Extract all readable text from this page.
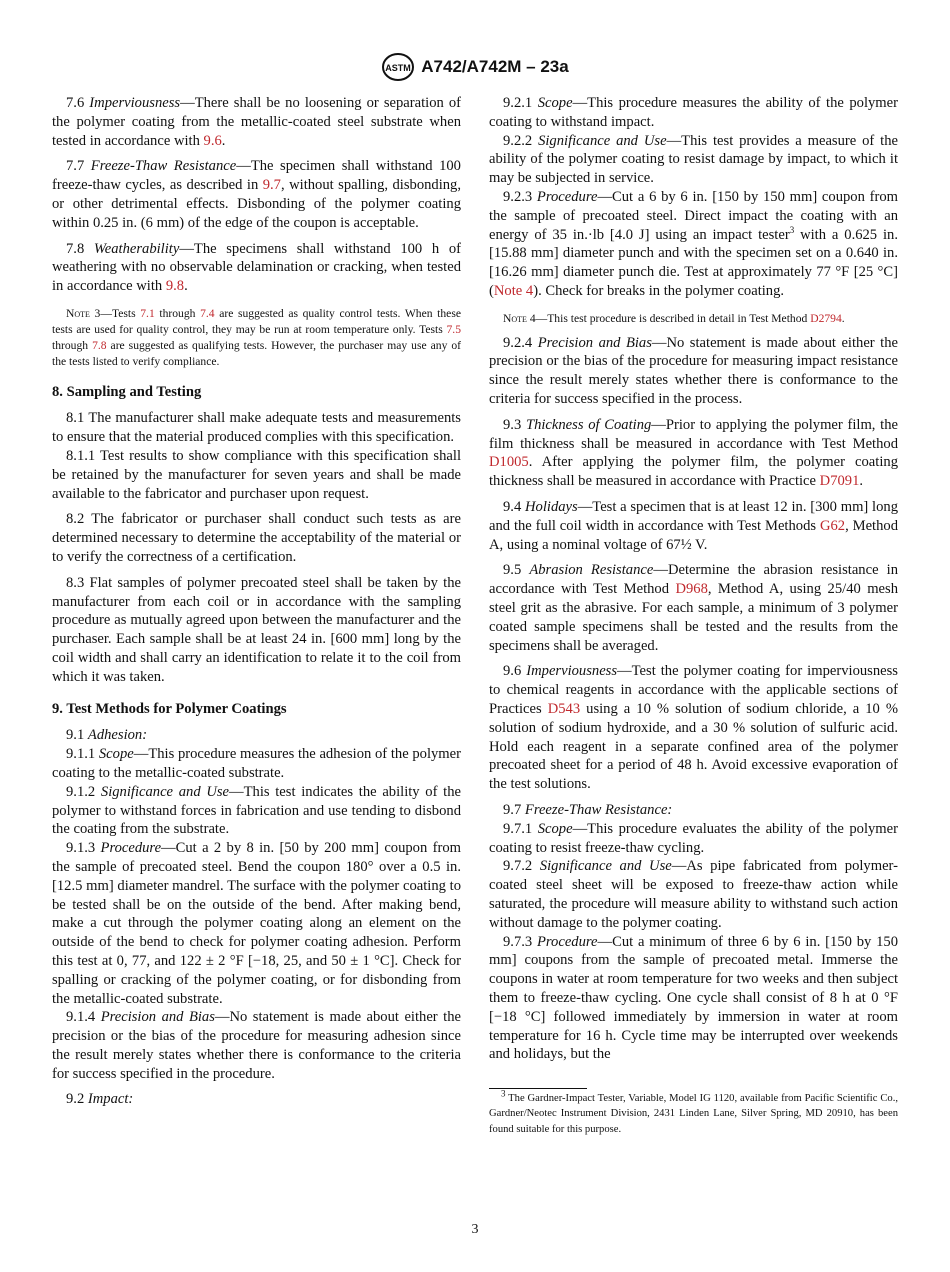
ASTM A742/A742M – 23a

7.6 Imperviousness—There shall be no loosening or separation of the polymer coating from the metallic-coated steel substrate when tested in accordance with 9.6.

7.7 Freeze-Thaw Resistance—The specimen shall withstand 100 freeze-thaw cycles, as described in 9.7, without spalling, disbonding, or other detrimental effects. Disbonding of the polymer coating within 0.25 in. (6 mm) of the edge of the coupon is acceptable.

7.8 Weatherability—The specimens shall withstand 100 h of weathering with no observable delamination or cracking, when tested in accordance with 9.8.

Note 3—Tests 7.1 through 7.4 are suggested as quality control tests. When these tests are used for quality control, they may be run at room temperature only. Tests 7.5 through 7.8 are suggested as qualifying tests. However, the purchaser may use any of the tests listed to verify compliance.

8. Sampling and Testing

8.1 The manufacturer shall make adequate tests and measurements to ensure that the material produced complies with this specification.

8.1.1 Test results to show compliance with this specification shall be retained by the manufacturer for seven years and shall be made available to the fabricator and purchaser upon request.

8.2 The fabricator or purchaser shall conduct such tests as are determined necessary to determine the acceptability of the material or to verify the correctness of a certification.

8.3 Flat samples of polymer precoated steel shall be taken by the manufacturer from each coil or in accordance with the sampling procedure as mutually agreed upon between the manufacturer and the purchaser. Each sample shall be at least 24 in. [600 mm] long by the coil width and shall carry an identification to relate it to the coil from which it was taken.

9. Test Methods for Polymer Coatings

9.1 Adhesion:

9.1.1 Scope—This procedure measures the adhesion of the polymer coating to the metallic-coated substrate.

9.1.2 Significance and Use—This test indicates the ability of the polymer to withstand forces in fabrication and use tending to disbond the coating from the substrate.

9.1.3 Procedure—Cut a 2 by 8 in. [50 by 200 mm] coupon from the sample of precoated steel. Bend the coupon 180° over a 0.5 in. [12.5 mm] diameter mandrel. The surface with the polymer coating to be tested shall be on the outside of the bend. After making bend, make a cut through the polymer coating along an element on the outside of the bend to check for polymer coating adhesion. Perform this test at 0, 77, and 122 ± 2 °F [−18, 25, and 50 ± 1 °C]. Check for spalling or cracking of the polymer coating, or for disbonding from the metallic-coated substrate.

9.1.4 Precision and Bias—No statement is made about either the precision or the bias of the procedure for measuring adhesion since the result merely states whether there is conformance to the criteria for success specified in the procedure.

9.2 Impact:

9.2.1 Scope—This procedure measures the ability of the polymer coating to withstand impact.

9.2.2 Significance and Use—This test provides a measure of the ability of the polymer coating to resist damage by impact, to which it may be subjected in service.

9.2.3 Procedure—Cut a 6 by 6 in. [150 by 150 mm] coupon from the sample of precoated steel. Direct impact the coating with an energy of 35 in.·lb [4.0 J] using an impact tester$^3$ with a 0.625 in. [15.88 mm] diameter punch and with the specimen set on a 0.640 in. [16.26 mm] diameter punch die. Test at approximately 77 °F [25 °C] (Note 4). Check for breaks in the polymer coating.

Note 4—This test procedure is described in detail in Test Method D2794.

9.2.4 Precision and Bias—No statement is made about either the precision or the bias of the procedure for measuring impact resistance since the result merely states whether there is conformance to the criteria for success specified in the process.

9.3 Thickness of Coating—Prior to applying the polymer film, the film thickness shall be measured in accordance with Test Method D1005. After applying the polymer film, the polymer coating thickness shall be measured in accordance with Practice D7091.

9.4 Holidays—Test a specimen that is at least 12 in. [300 mm] long and the full coil width in accordance with Test Methods G62, Method A, using a nominal voltage of 67½ V.

9.5 Abrasion Resistance—Determine the abrasion resistance in accordance with Test Method D968, Method A, using 25/40 mesh steel grit as the abrasive. For each sample, a minimum of 3 polymer coated sample specimens shall be tested and the results from the specimens shall be averaged.

9.6 Imperviousness—Test the polymer coating for imperviousness to chemical reagents in accordance with the applicable sections of Practices D543 using a 10 % solution of sodium chloride, a 10 % solution of sodium hydroxide, and a 30 % solution of sulfuric acid. Hold each reagent in a separate confined area of the polymer precoated sheet for a period of 48 h. Avoid excessive evaporation of the test solutions.

9.7 Freeze-Thaw Resistance:

9.7.1 Scope—This procedure evaluates the ability of the polymer coating to resist freeze-thaw cycling.

9.7.2 Significance and Use—As pipe fabricated from polymer-coated steel sheet will be exposed to freeze-thaw action while saturated, the procedure will measure ability to withstand such action without damage to the polymer coating.

9.7.3 Procedure—Cut a minimum of three 6 by 6 in. [150 by 150 mm] coupons from the sample of precoated metal. Immerse the coupons in water at room temperature for two weeks and then subject them to freeze-thaw cycling. One cycle shall consist of 8 h at 0 °F [−18 °C] followed immediately by immersion in water at room temperature for 16 h. Cycle time may be interrupted over weekends and holidays, but the

$^3$ The Gardner-Impact Tester, Variable, Model IG 1120, available from Pacific Scientific Co., Gardner/Neotec Instrument Division, 2431 Linden Lane, Silver Spring, MD 20910, has been found suitable for this purpose.

3
